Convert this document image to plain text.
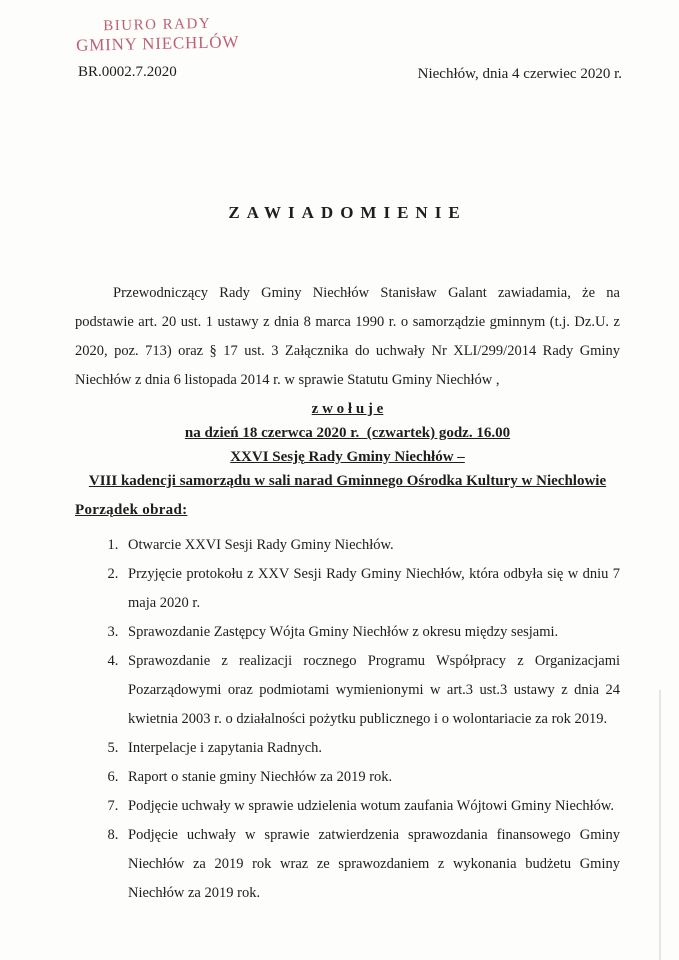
BIURO RADY
GMINY NIECHLÓW
BR.0002.7.2020	Niechłów, dnia 4 czerwiec 2020 r.
ZAWIADOMIENIE

Przewodniczący Rady Gminy Niechłów Stanisław Galant zawiadamia, że na podstawie art. 20 ust. 1 ustawy z dnia 8 marca 1990 r. o samorządzie gminnym (t.j. Dz.U. z 2020, poz. 713) oraz § 17 ust. 3 Załącznika do uchwały Nr XLI/299/2014 Rady Gminy Niechłów z dnia 6 listopada 2014 r. w sprawie Statutu Gminy Niechłów ,

z w o ł u j e
na dzień 18 czerwca 2020 r.  (czwartek) godz. 16.00
XXVI Sesję Rady Gminy Niechłów –
VIII kadencji samorządu w sali narad Gminnego Ośrodka Kultury w Niechlowie
Porządek obrad:
1. Otwarcie XXVI Sesji Rady Gminy Niechłów.
2. Przyjęcie protokołu z XXV Sesji Rady Gminy Niechłów, która odbyła się w dniu 7 maja 2020 r.
3. Sprawozdanie Zastępcy Wójta Gminy Niechłów z okresu między sesjami.
4. Sprawozdanie z realizacji rocznego Programu Współpracy z Organizacjami Pozarządowymi oraz podmiotami wymienionymi w art.3 ust.3 ustawy z dnia 24 kwietnia 2003 r. o działalności pożytku publicznego i o wolontariacie za rok 2019.
5. Interpelacje i zapytania Radnych.
6. Raport o stanie gminy Niechłów za 2019 rok.
7. Podjęcie uchwały w sprawie udzielenia wotum zaufania Wójtowi Gminy Niechłów.
8. Podjęcie uchwały w sprawie zatwierdzenia sprawozdania finansowego Gminy Niechłów za 2019 rok wraz ze sprawozdaniem z wykonania budżetu Gminy Niechłów za 2019 rok.
